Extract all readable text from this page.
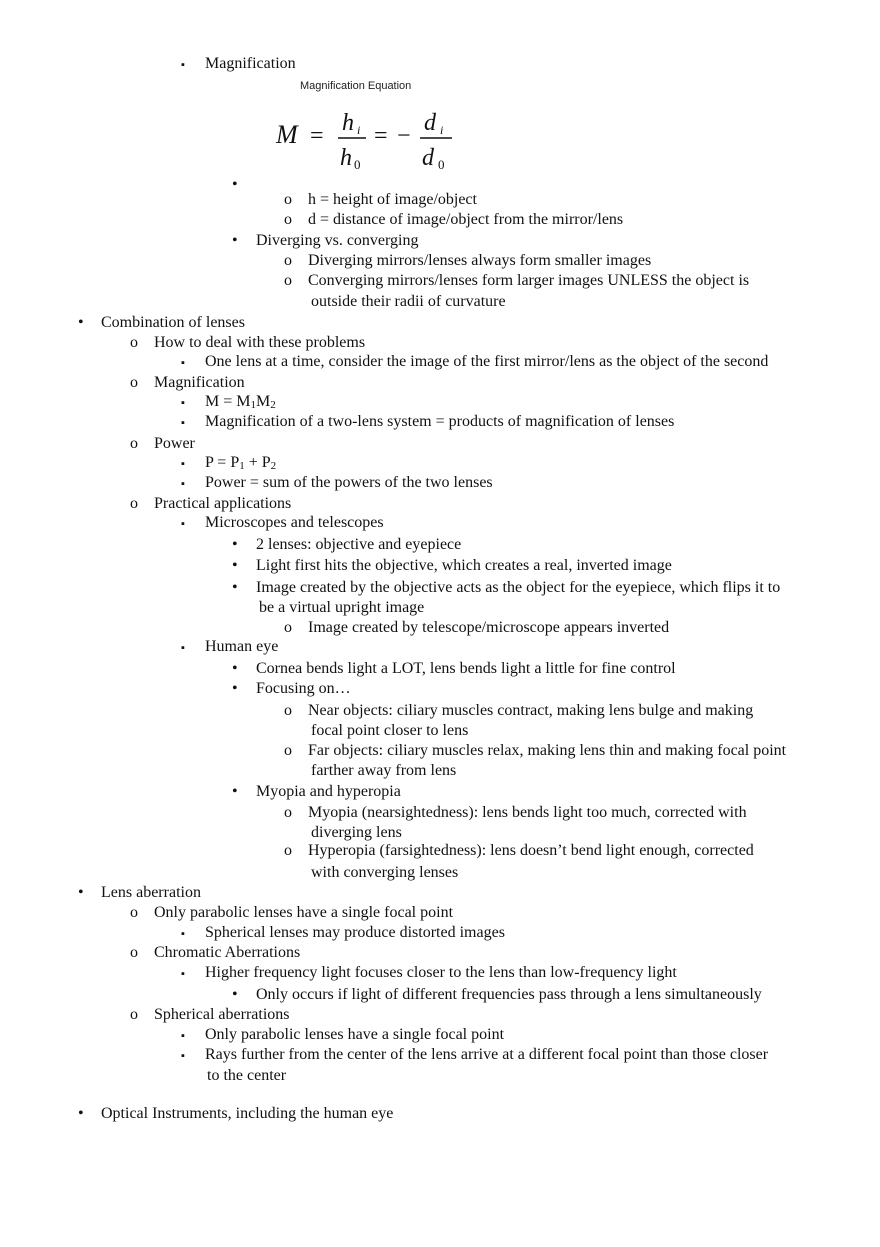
▪ Magnification
Magnification Equation
M = h i
h 0
= − d i
d 0
•
o h = height of image/object
o d = distance of image/object from the mirror/lens
• Diverging vs. converging
o Diverging mirrors/lenses always form smaller images
o Converging mirrors/lenses form larger images UNLESS the object is
outside their radii of curvature
• Combination of lenses
o How to deal with these problems
▪ One lens at a time, consider the image of the first mirror/lens as the object of the second
o Magnification
▪ $M = M_1M_2$
▪ Magnification of a two-lens system = products of magnification of lenses
o Power
▪ $P = P_1 + P_2$
▪ Power = sum of the powers of the two lenses
o Practical applications
▪ Microscopes and telescopes
• 2 lenses: objective and eyepiece
• Light first hits the objective, which creates a real, inverted image
• Image created by the objective acts as the object for the eyepiece, which flips it to
be a virtual upright image
o Image created by telescope/microscope appears inverted
▪ Human eye
• Cornea bends light a LOT, lens bends light a little for fine control
• Focusing on…
o Near objects: ciliary muscles contract, making lens bulge and making
focal point closer to lens
o Far objects: ciliary muscles relax, making lens thin and making focal point
farther away from lens
• Myopia and hyperopia
o Myopia (nearsightedness): lens bends light too much, corrected with
diverging lens
o Hyperopia (farsightedness): lens doesn’t bend light enough, corrected
with converging lenses
• Lens aberration
o Only parabolic lenses have a single focal point
▪ Spherical lenses may produce distorted images
o Chromatic Aberrations
▪ Higher frequency light focuses closer to the lens than low-frequency light
• Only occurs if light of different frequencies pass through a lens simultaneously
o Spherical aberrations
▪ Only parabolic lenses have a single focal point
▪ Rays further from the center of the lens arrive at a different focal point than those closer
to the center
• Optical Instruments, including the human eye
